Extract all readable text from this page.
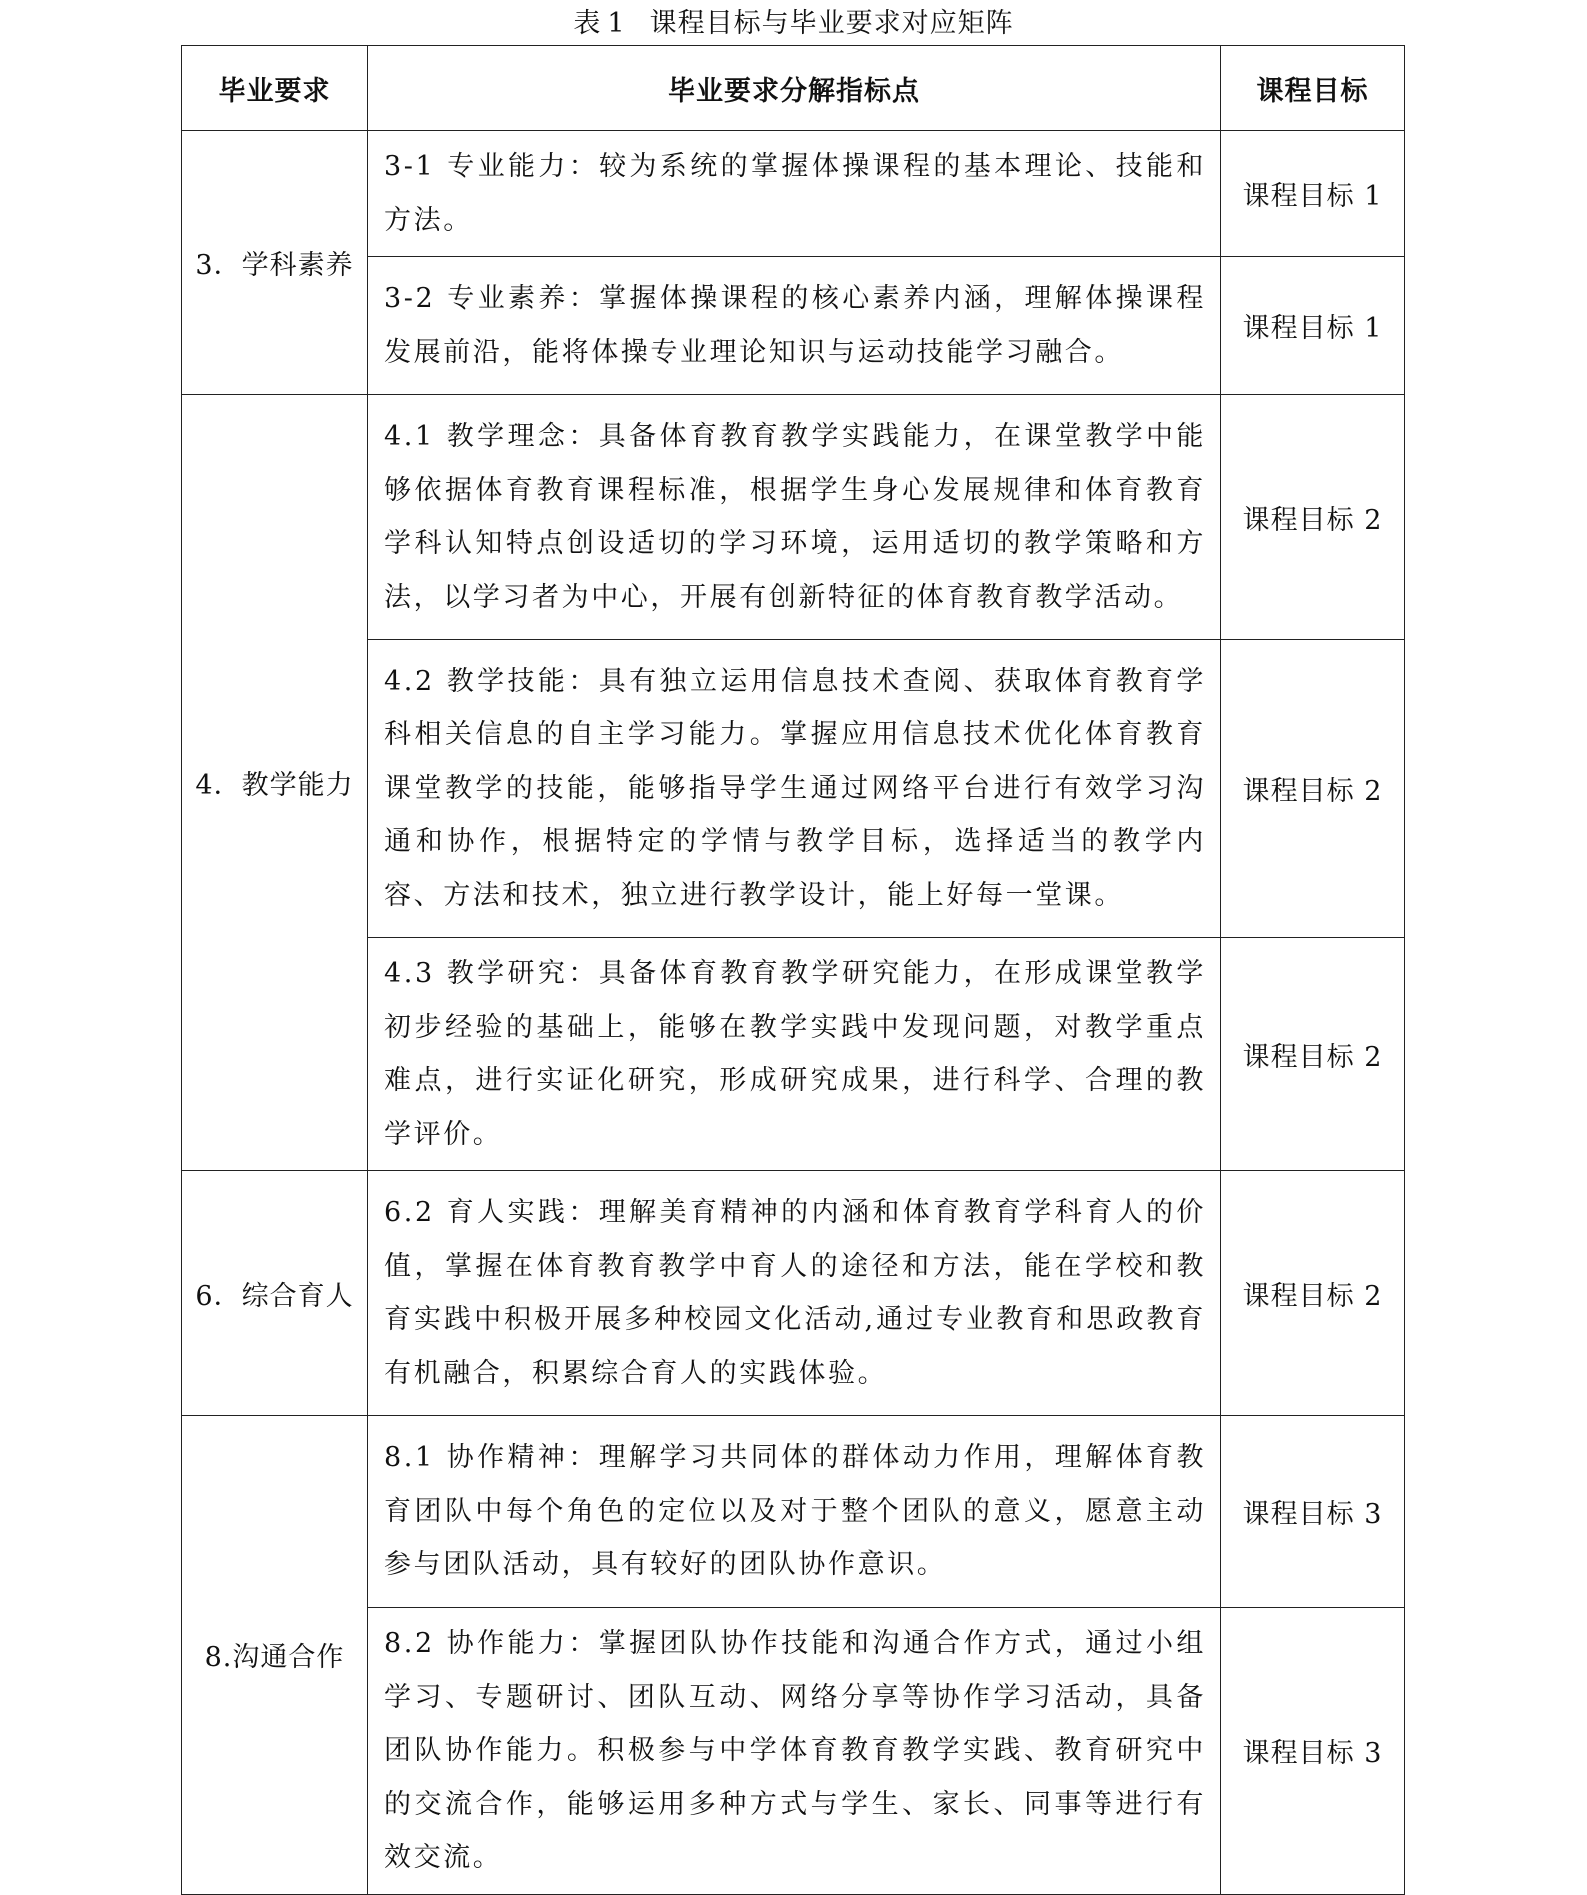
表 1 课程目标与毕业要求对应矩阵
毕业要求	毕业要求分解指标点	课程目标
3．学科素养	3-1 专业能力：较为系统的掌握体操课程的基本理论、技能和方法。	课程目标 1
	3-2 专业素养：掌握体操课程的核心素养内涵，理解体操课程发展前沿，能将体操专业理论知识与运动技能学习融合。	课程目标 1
4．教学能力	4.1 教学理念：具备体育教育教学实践能力，在课堂教学中能够依据体育教育课程标准，根据学生身心发展规律和体育教育学科认知特点创设适切的学习环境，运用适切的教学策略和方法，以学习者为中心，开展有创新特征的体育教育教学活动。	课程目标 2
	4.2 教学技能：具有独立运用信息技术查阅、获取体育教育学科相关信息的自主学习能力。掌握应用信息技术优化体育教育课堂教学的技能，能够指导学生通过网络平台进行有效学习沟通和协作，根据特定的学情与教学目标，选择适当的教学内容、方法和技术，独立进行教学设计，能上好每一堂课。	课程目标 2
	4.3 教学研究：具备体育教育教学研究能力，在形成课堂教学初步经验的基础上，能够在教学实践中发现问题，对教学重点难点，进行实证化研究，形成研究成果，进行科学、合理的教学评价。	课程目标 2
6．综合育人	6.2 育人实践：理解美育精神的内涵和体育教育学科育人的价值，掌握在体育教育教学中育人的途径和方法，能在学校和教育实践中积极开展多种校园文化活动,通过专业教育和思政教育有机融合，积累综合育人的实践体验。	课程目标 2
8.沟通合作	8.1 协作精神：理解学习共同体的群体动力作用，理解体育教育团队中每个角色的定位以及对于整个团队的意义，愿意主动参与团队活动，具有较好的团队协作意识。	课程目标 3
	8.2 协作能力：掌握团队协作技能和沟通合作方式，通过小组学习、专题研讨、团队互动、网络分享等协作学习活动，具备团队协作能力。积极参与中学体育教育教学实践、教育研究中的交流合作，能够运用多种方式与学生、家长、同事等进行有效交流。	课程目标 3
